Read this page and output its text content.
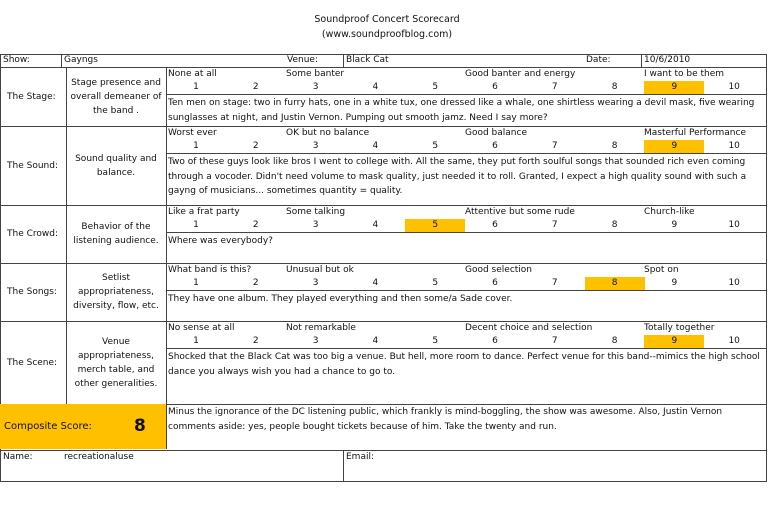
Soundproof Concert Scorecard
(www.soundproofblog.com)
Show:	Gayngs	Venue:	Black Cat	Date:	10/6/2010
The Stage:
Stage presence and overall demeaner of the band .
None at all	Some banter	Good banter and energy	I want to be them
1	2	3	4	5	6	7	8	9	10
Ten men on stage: two in furry hats, one in a white tux, one dressed like a whale, one shirtless wearing a devil mask, five wearing sunglasses at night, and Justin Vernon. Pumping out smooth jamz. Need I say more?
The Sound:
Sound quality and balance.
Worst ever	OK but no balance	Good balance	Masterful Performance
1	2	3	4	5	6	7	8	9	10
Two of these guys look like bros I went to college with. All the same, they put forth soulful songs that sounded rich even coming through a vocoder. Didn't need volume to mask quality, just needed it to roll. Granted, I expect a high quality sound with such a gayng of musicians... sometimes quantity = quality.
The Crowd:
Behavior of the listening audience.
Like a frat party	Some talking	Attentive but some rude	Church-like
1	2	3	4	5	6	7	8	9	10
Where was everybody?
The Songs:
Setlist appropriateness, diversity, flow, etc.
What band is this?	Unusual but ok	Good selection	Spot on
1	2	3	4	5	6	7	8	9	10
They have one album. They played everything and then some/a Sade cover.
The Scene:
Venue appropriateness, merch table, and other generalities.
No sense at all	Not remarkable	Decent choice and selection	Totally together
1	2	3	4	5	6	7	8	9	10
Shocked that the Black Cat was too big a venue. But hell, more room to dance. Perfect venue for this band--mimics the high school dance you always wish you had a chance to go to.
Composite Score: 8
Minus the ignorance of the DC listening public, which frankly is mind-boggling, the show was awesome. Also, Justin Vernon comments aside: yes, people bought tickets because of him. Take the twenty and run.
Name:	recreationaluse	Email:
